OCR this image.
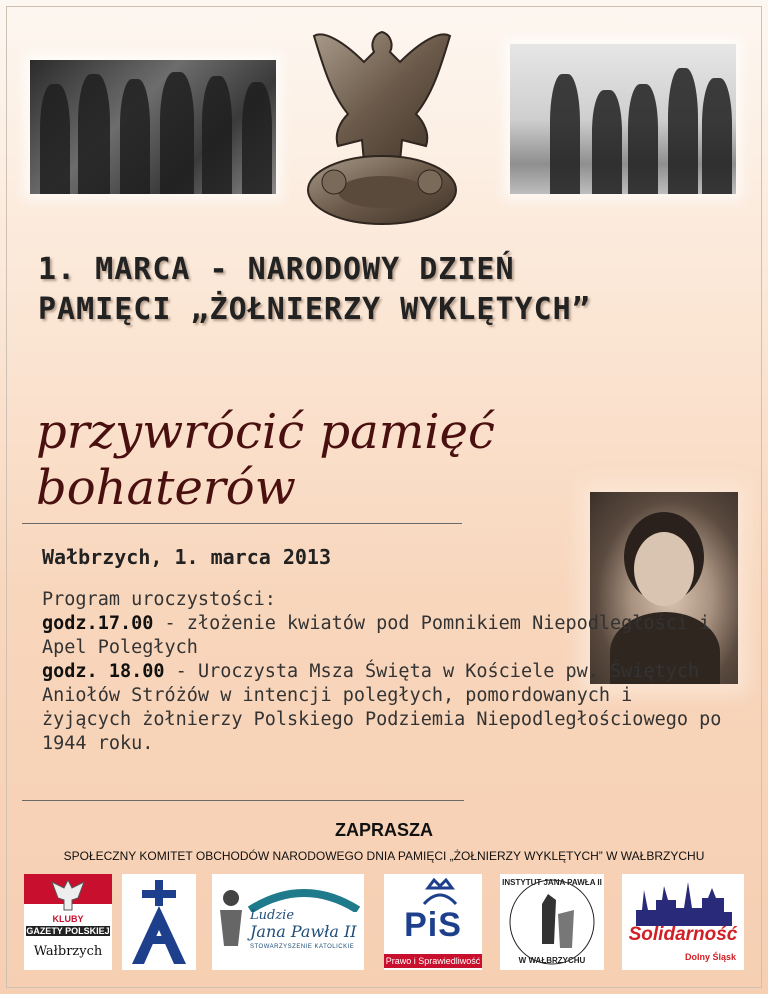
1. MARCA - NARODOWY DZIEŃ
PAMIĘCI „ŻOŁNIERZY WYKLĘTYCH”

przywrócić pamięć bohaterów

Wałbrzych, 1. marca 2013

Program uroczystości:
godz.17.00 - złożenie kwiatów pod Pomnikiem Niepodległości i Apel Poległych
godz. 18.00 - Uroczysta Msza Święta w Kościele pw. Świętych Aniołów Stróżów w intencji poległych, pomordowanych i żyjących żołnierzy Polskiego Podziemia Niepodległościowego po 1944 roku.
ZAPRASZA
SPOŁECZNY KOMITET OBCHODÓW NARODOWEGO DNIA PAMIĘCI „ŻOŁNIERZY WYKLĘTYCH” W WAŁBRZYCHU
KLUBY
GAZETY POLSKIEJ
Wałbrzych
Ludzie
Jana Pawła II
STOWARZYSZENIE KATOLICKIE
PiS
Prawo i Sprawiedliwość
INSTYTUT JANA PAWŁA II
W WAŁBRZYCHU
Solidarność
Dolny Śląsk
